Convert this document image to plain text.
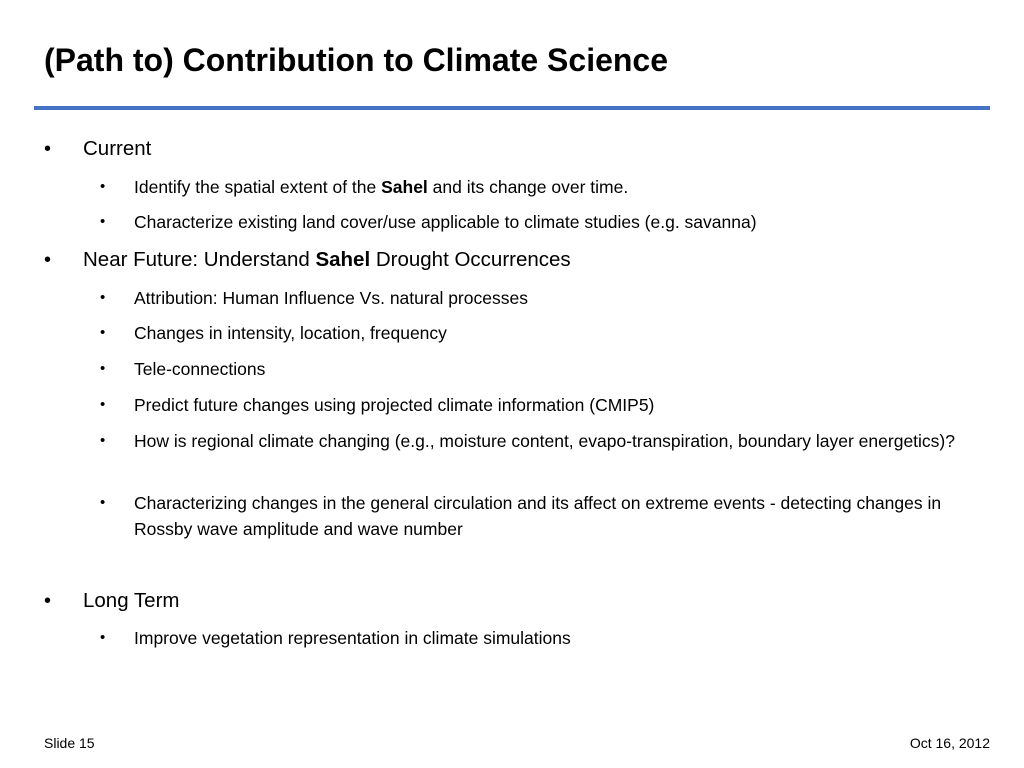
(Path to) Contribution to Climate Science
• Current
• Identify the spatial extent of the Sahel and its change over time.
• Characterize existing land cover/use applicable to climate studies (e.g. savanna)
• Near Future: Understand Sahel Drought Occurrences
• Attribution: Human Influence Vs. natural processes
• Changes in intensity, location, frequency
• Tele-connections
• Predict future changes using projected climate information (CMIP5)
• How is regional climate changing (e.g., moisture content, evapo-transpiration, boundary layer energetics)?
• Characterizing changes in the general circulation and its affect on extreme events - detecting changes in Rossby wave amplitude and wave number
• Long Term
• Improve vegetation representation in climate simulations
Slide 15	Oct 16, 2012
